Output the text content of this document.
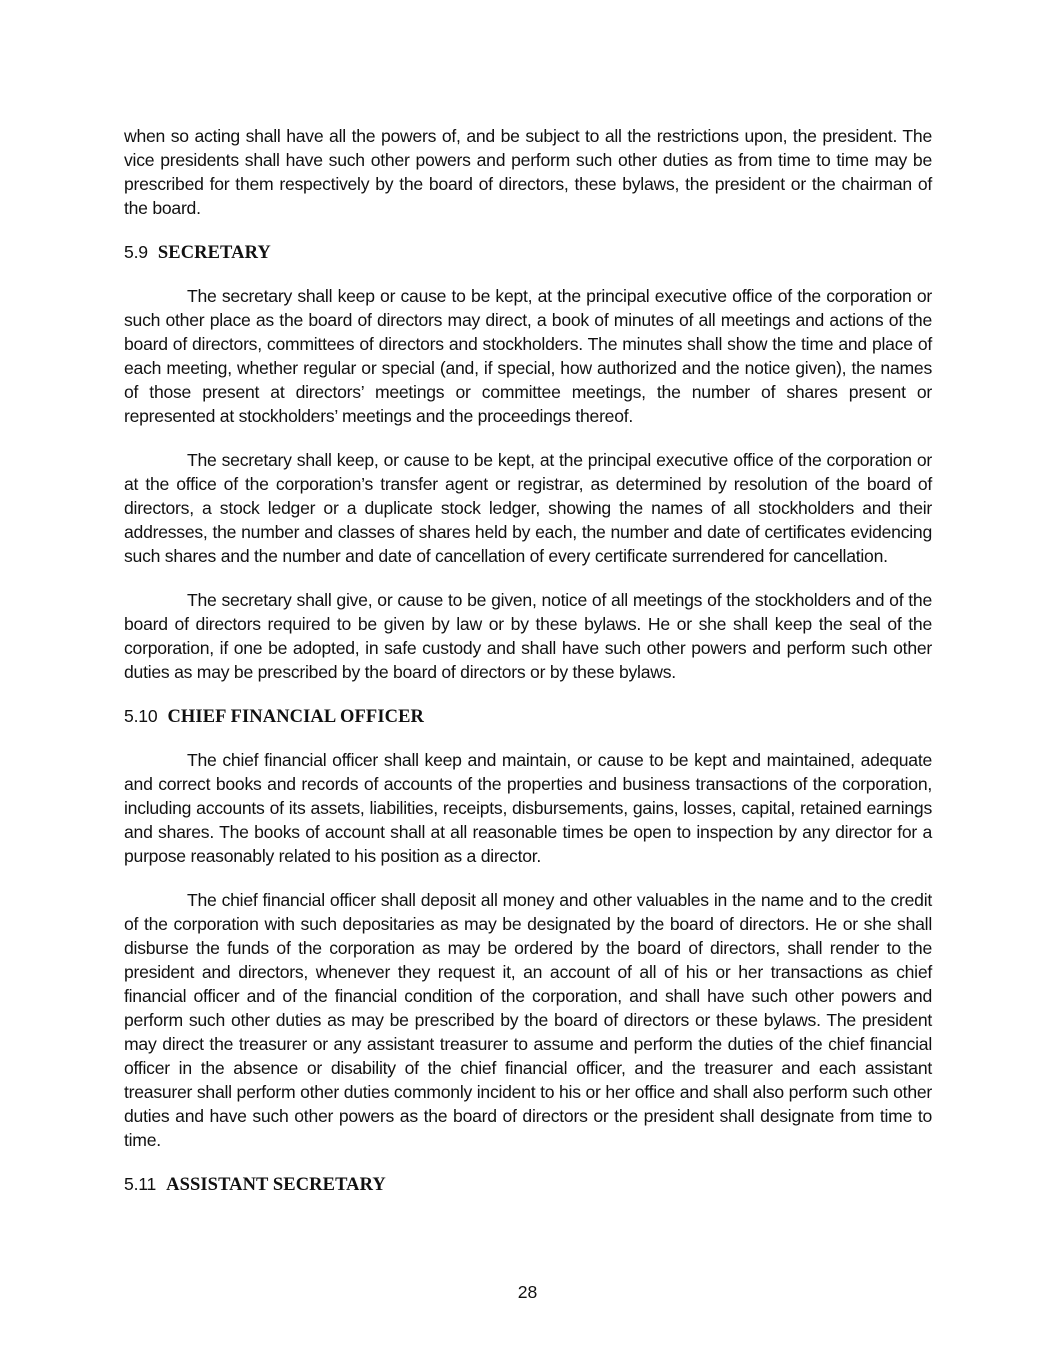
when so acting shall have all the powers of, and be subject to all the restrictions upon, the president. The vice presidents shall have such other powers and perform such other duties as from time to time may be prescribed for them respectively by the board of directors, these bylaws, the president or the chairman of the board.

5.9 SECRETARY

The secretary shall keep or cause to be kept, at the principal executive office of the corporation or such other place as the board of directors may direct, a book of minutes of all meetings and actions of the board of directors, committees of directors and stockholders. The minutes shall show the time and place of each meeting, whether regular or special (and, if special, how authorized and the notice given), the names of those present at directors’ meetings or committee meetings, the number of shares present or represented at stockholders’ meetings and the proceedings thereof.

The secretary shall keep, or cause to be kept, at the principal executive office of the corporation or at the office of the corporation’s transfer agent or registrar, as determined by resolution of the board of directors, a stock ledger or a duplicate stock ledger, showing the names of all stockholders and their addresses, the number and classes of shares held by each, the number and date of certificates evidencing such shares and the number and date of cancellation of every certificate surrendered for cancellation.

The secretary shall give, or cause to be given, notice of all meetings of the stockholders and of the board of directors required to be given by law or by these bylaws. He or she shall keep the seal of the corporation, if one be adopted, in safe custody and shall have such other powers and perform such other duties as may be prescribed by the board of directors or by these bylaws.

5.10 CHIEF FINANCIAL OFFICER

The chief financial officer shall keep and maintain, or cause to be kept and maintained, adequate and correct books and records of accounts of the properties and business transactions of the corporation, including accounts of its assets, liabilities, receipts, disbursements, gains, losses, capital, retained earnings and shares. The books of account shall at all reasonable times be open to inspection by any director for a purpose reasonably related to his position as a director.

The chief financial officer shall deposit all money and other valuables in the name and to the credit of the corporation with such depositaries as may be designated by the board of directors. He or she shall disburse the funds of the corporation as may be ordered by the board of directors, shall render to the president and directors, whenever they request it, an account of all of his or her transactions as chief financial officer and of the financial condition of the corporation, and shall have such other powers and perform such other duties as may be prescribed by the board of directors or these bylaws. The president may direct the treasurer or any assistant treasurer to assume and perform the duties of the chief financial officer in the absence or disability of the chief financial officer, and the treasurer and each assistant treasurer shall perform other duties commonly incident to his or her office and shall also perform such other duties and have such other powers as the board of directors or the president shall designate from time to time.

5.11 ASSISTANT SECRETARY
28
